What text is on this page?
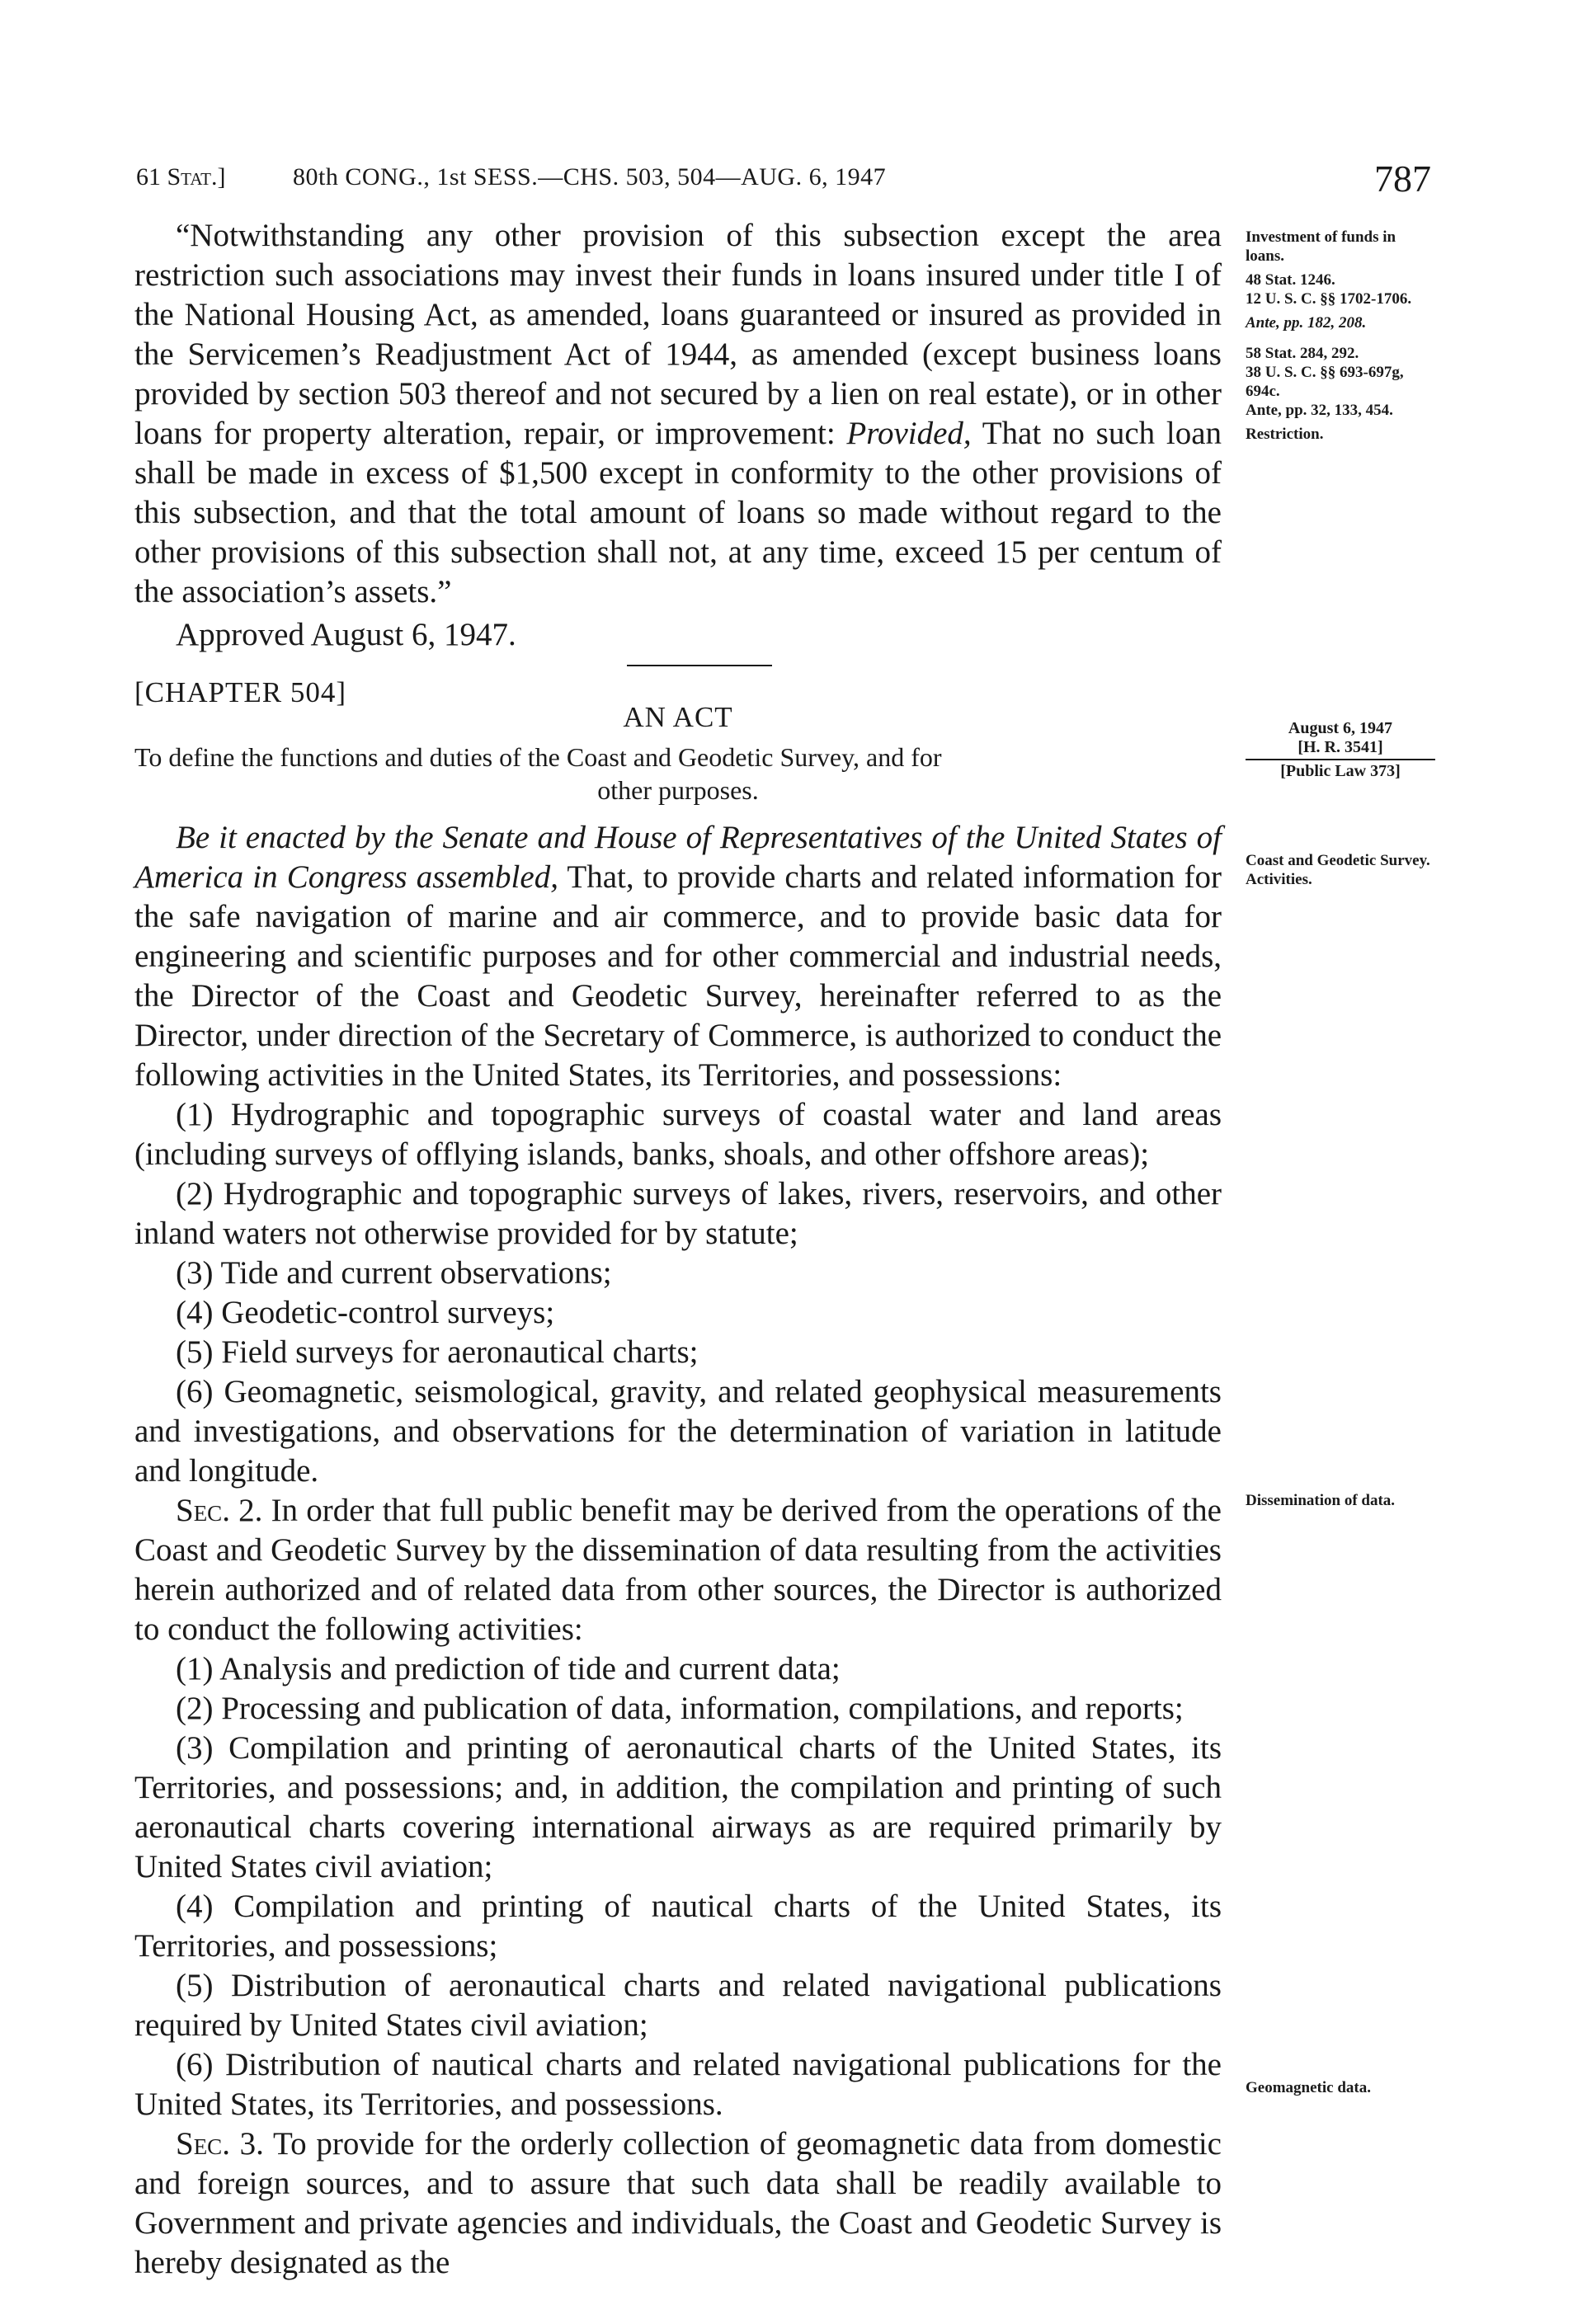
61 Stat.]	80th CONG., 1st SESS.—CHS. 503, 504—AUG. 6, 1947	787

“Notwithstanding any other provision of this subsection except the area restriction such associations may invest their funds in loans insured under title I of the National Housing Act, as amended, loans guaranteed or insured as provided in the Servicemen’s Readjustment Act of 1944, as amended (except business loans provided by section 503 thereof and not secured by a lien on real estate), or in other loans for property alteration, repair, or improvement: Provided, That no such loan shall be made in excess of $1,500 except in conformity to the other provisions of this subsection, and that the total amount of loans so made without regard to the other provisions of this subsection shall not, at any time, exceed 15 per centum of the association’s assets.”

Approved August 6, 1947.

Investment of funds in loans.
48 Stat. 1246.
12 U. S. C. §§ 1702-1706.
Ante, pp. 182, 208.
58 Stat. 284, 292.
38 U. S. C. §§ 693-697g, 694c.
Ante, pp. 32, 133, 454.
Restriction.
[CHAPTER 504]
AN ACT
To define the functions and duties of the Coast and Geodetic Survey, and for
other purposes.
August 6, 1947
[H. R. 3541]
[Public Law 373]

Be it enacted by the Senate and House of Representatives of the United States of America in Congress assembled, That, to provide charts and related information for the safe navigation of marine and air commerce, and to provide basic data for engineering and scientific purposes and for other commercial and industrial needs, the Director of the Coast and Geodetic Survey, hereinafter referred to as the Director, under direction of the Secretary of Commerce, is authorized to conduct the following activities in the United States, its Territories, and possessions:

(1) Hydrographic and topographic surveys of coastal water and land areas (including surveys of offlying islands, banks, shoals, and other offshore areas);

(2) Hydrographic and topographic surveys of lakes, rivers, reservoirs, and other inland waters not otherwise provided for by statute;

(3) Tide and current observations;

(4) Geodetic-control surveys;

(5) Field surveys for aeronautical charts;

(6) Geomagnetic, seismological, gravity, and related geophysical measurements and investigations, and observations for the determination of variation in latitude and longitude.

Sec. 2. In order that full public benefit may be derived from the operations of the Coast and Geodetic Survey by the dissemination of data resulting from the activities herein authorized and of related data from other sources, the Director is authorized to conduct the following activities:

(1) Analysis and prediction of tide and current data;

(2) Processing and publication of data, information, compilations, and reports;

(3) Compilation and printing of aeronautical charts of the United States, its Territories, and possessions; and, in addition, the compilation and printing of such aeronautical charts covering international airways as are required primarily by United States civil aviation;

(4) Compilation and printing of nautical charts of the United States, its Territories, and possessions;

(5) Distribution of aeronautical charts and related navigational publications required by United States civil aviation;

(6) Distribution of nautical charts and related navigational publications for the United States, its Territories, and possessions.

Sec. 3. To provide for the orderly collection of geomagnetic data from domestic and foreign sources, and to assure that such data shall be readily available to Government and private agencies and individuals, the Coast and Geodetic Survey is hereby designated as the

Coast and Geodetic Survey. Activities.
Dissemination of data.
Geomagnetic data.
